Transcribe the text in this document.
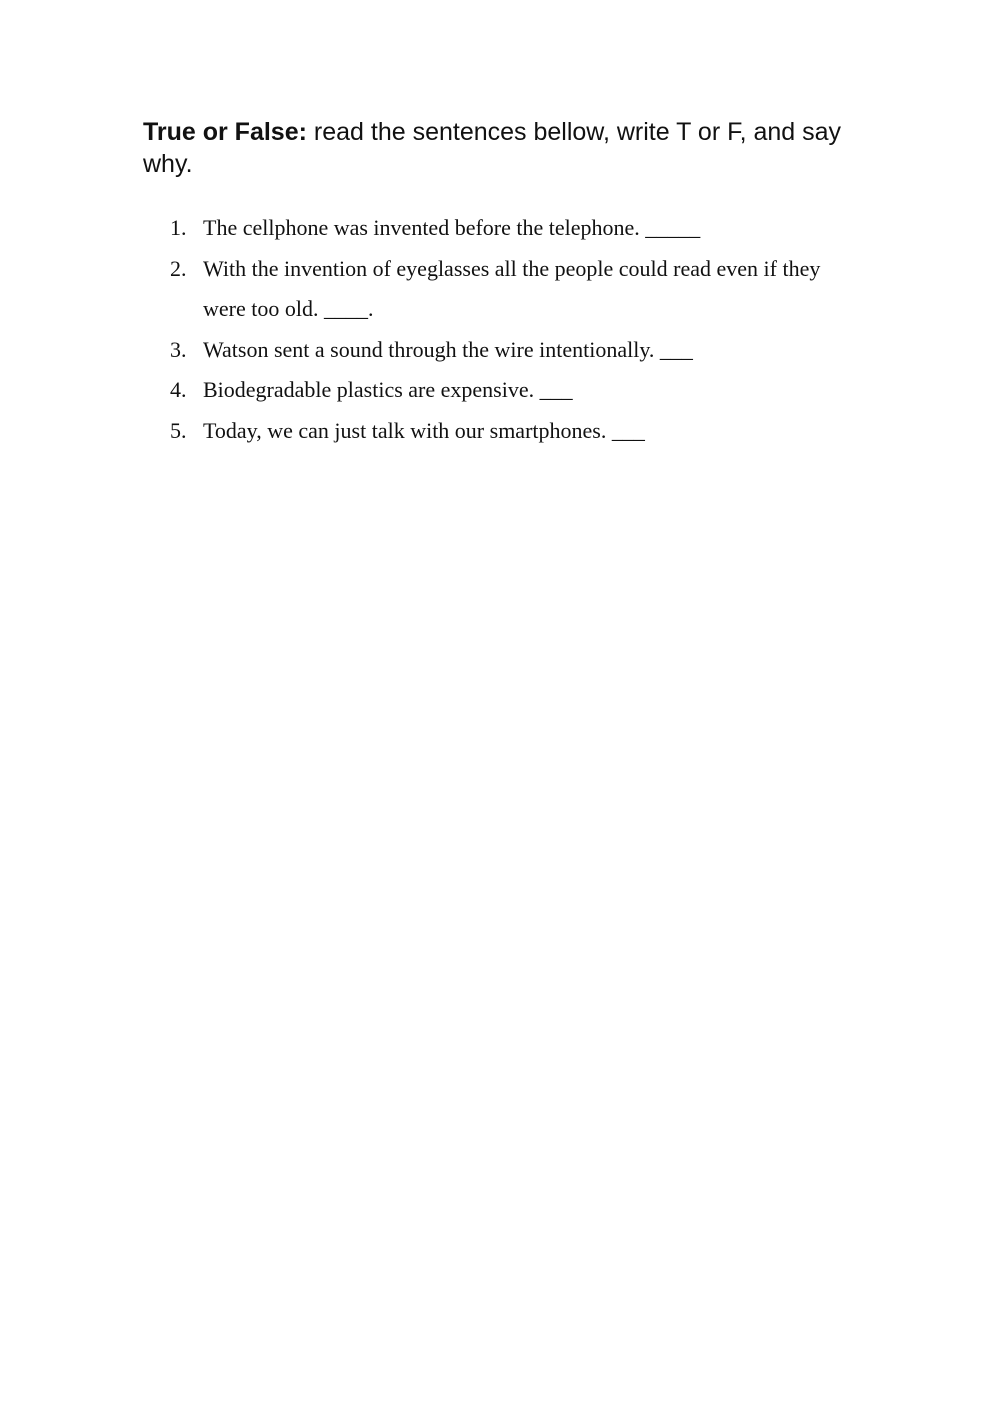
True or False: read the sentences bellow, write T or F, and say why.
1. The cellphone was invented before the telephone. _____
2. With the invention of eyeglasses all the people could read even if they were too old. ____.
3. Watson sent a sound through the wire intentionally. ___
4. Biodegradable plastics are expensive. ___
5. Today, we can just talk with our smartphones. ___
